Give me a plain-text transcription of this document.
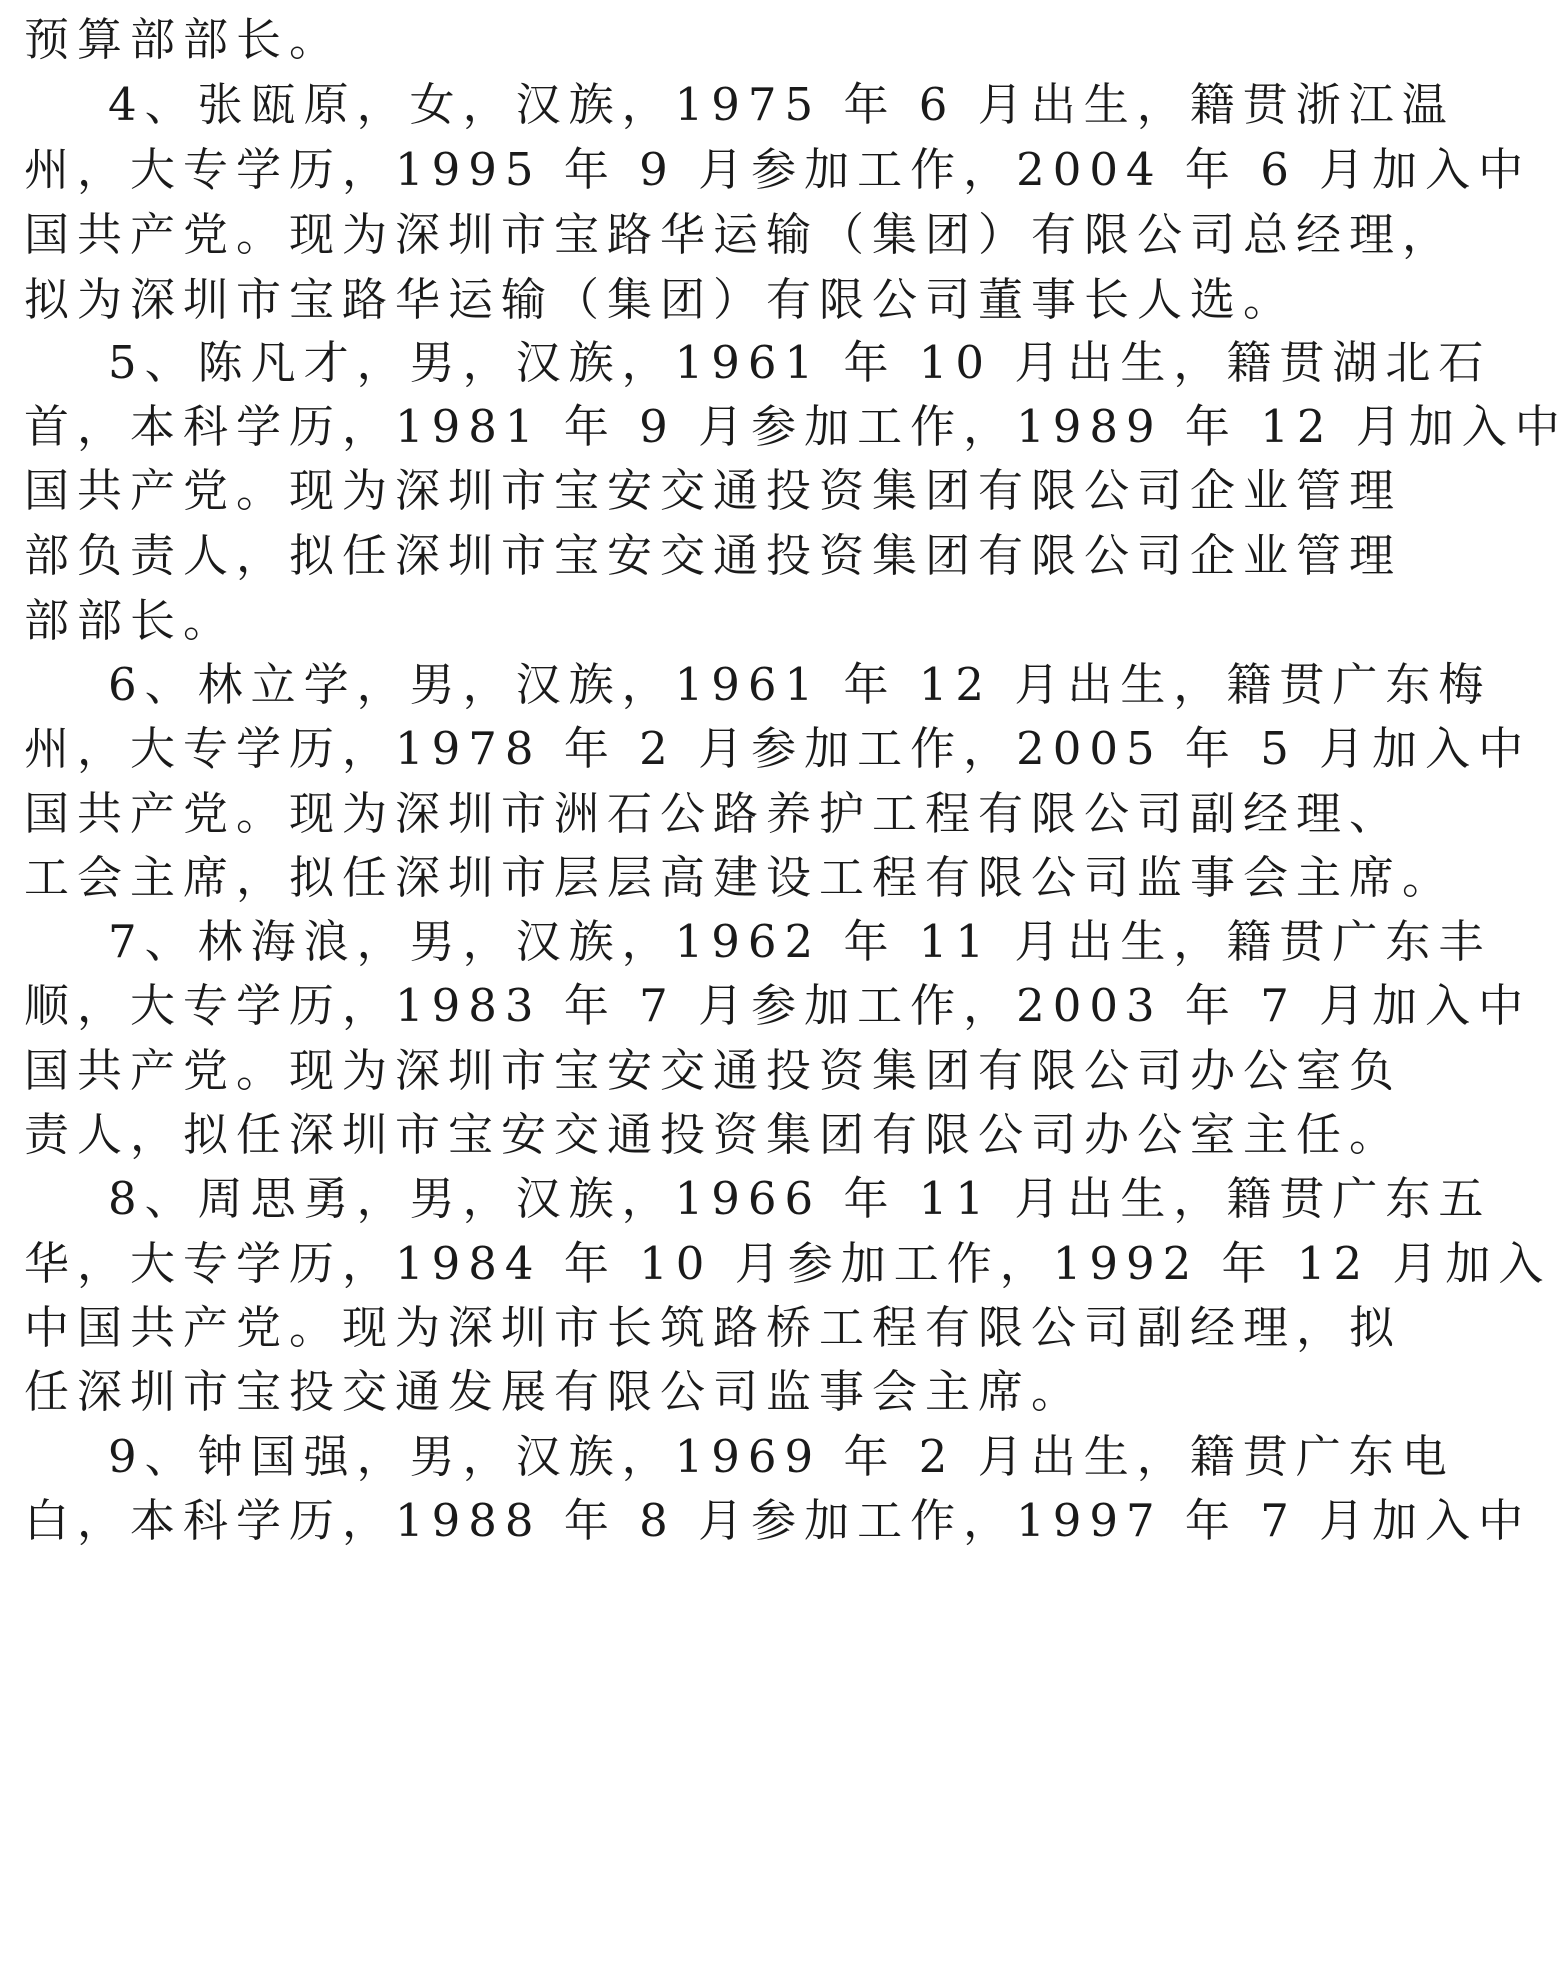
预算部部长。
4、张瓯原，女，汉族，1975 年 6 月出生，籍贯浙江温
州，大专学历，1995 年 9 月参加工作，2004 年 6 月加入中
国共产党。现为深圳市宝路华运输（集团）有限公司总经理，
拟为深圳市宝路华运输（集团）有限公司董事长人选。
5、陈凡才，男，汉族，1961 年 10 月出生，籍贯湖北石
首，本科学历，1981 年 9 月参加工作，1989 年 12 月加入中
国共产党。现为深圳市宝安交通投资集团有限公司企业管理
部负责人，拟任深圳市宝安交通投资集团有限公司企业管理
部部长。
6、林立学，男，汉族，1961 年 12 月出生，籍贯广东梅
州，大专学历，1978 年 2 月参加工作，2005 年 5 月加入中
国共产党。现为深圳市洲石公路养护工程有限公司副经理、
工会主席，拟任深圳市层层高建设工程有限公司监事会主席。
7、林海浪，男，汉族，1962 年 11 月出生，籍贯广东丰
顺，大专学历，1983 年 7 月参加工作，2003 年 7 月加入中
国共产党。现为深圳市宝安交通投资集团有限公司办公室负
责人，拟任深圳市宝安交通投资集团有限公司办公室主任。
8、周思勇，男，汉族，1966 年 11 月出生，籍贯广东五
华，大专学历，1984 年 10 月参加工作，1992 年 12 月加入
中国共产党。现为深圳市长筑路桥工程有限公司副经理，拟
任深圳市宝投交通发展有限公司监事会主席。
9、钟国强，男，汉族，1969 年 2 月出生，籍贯广东电
白，本科学历，1988 年 8 月参加工作，1997 年 7 月加入中
